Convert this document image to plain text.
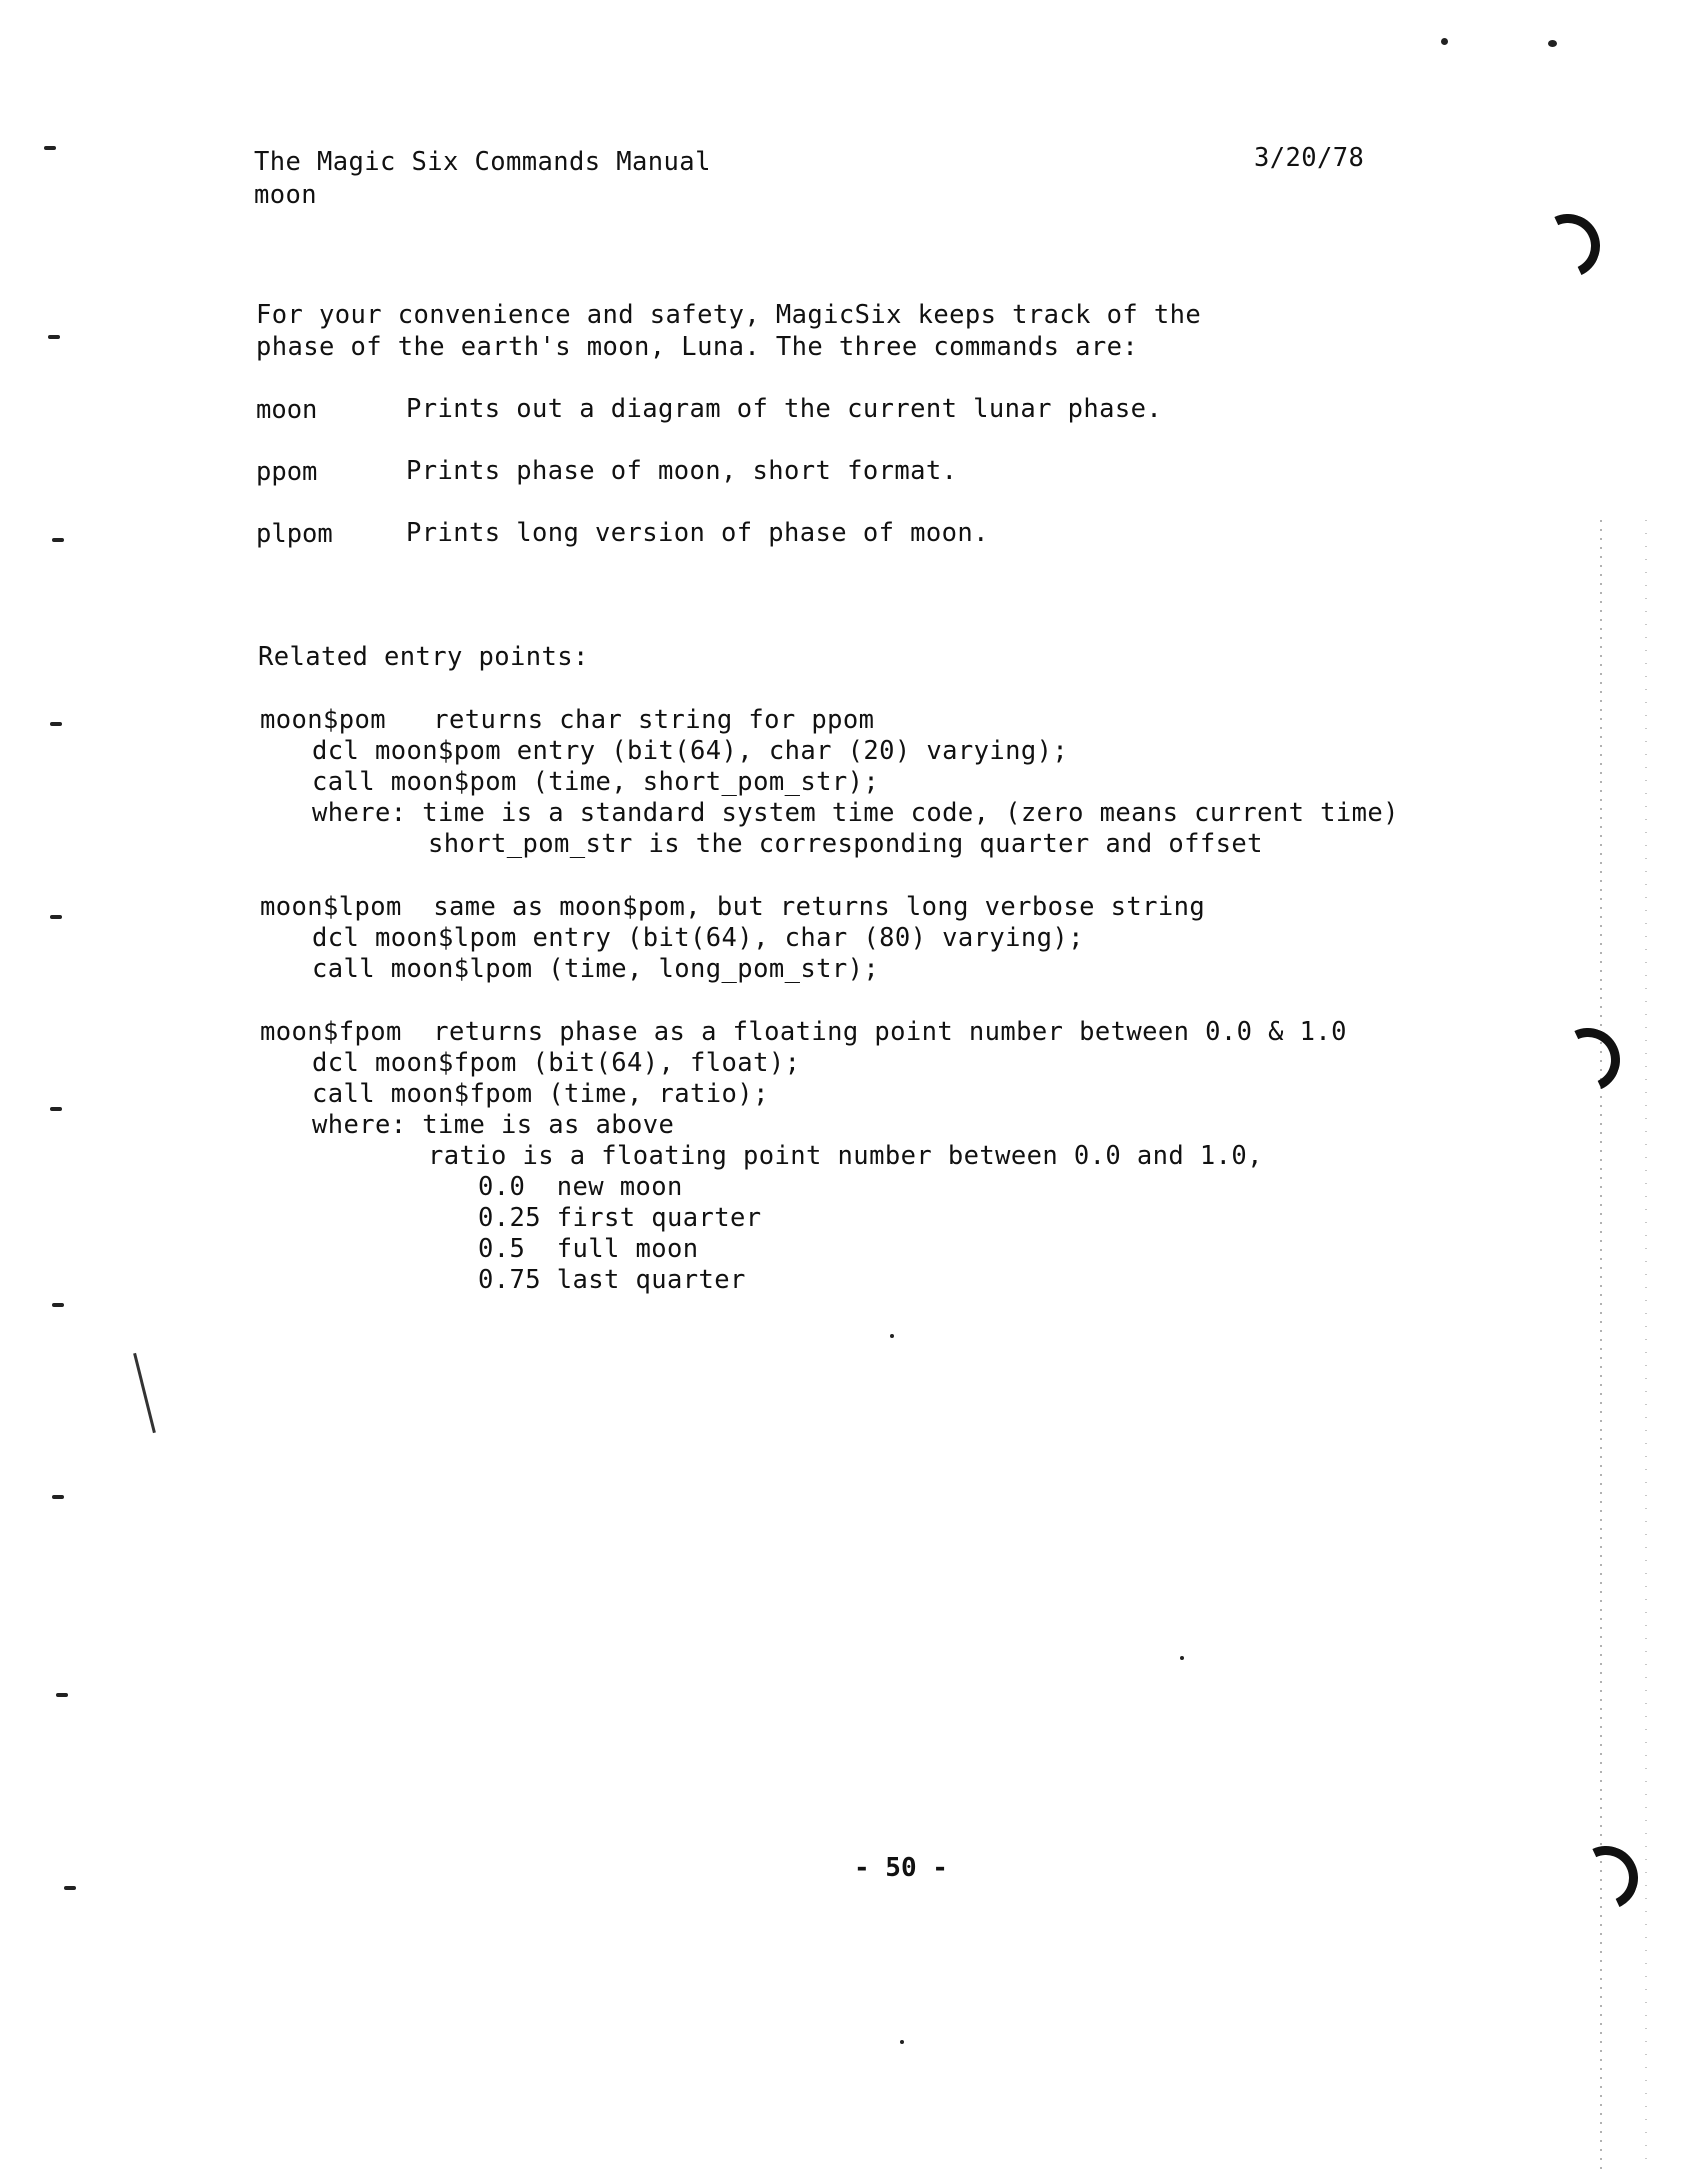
The Magic Six Commands Manual	3/20/78
moon
For your convenience and safety, MagicSix keeps track of the
phase of the earth's moon, Luna. The three commands are:
moon	Prints out a diagram of the current lunar phase.
ppom	Prints phase of moon, short format.
plpom	Prints long version of phase of moon.
Related entry points:
moon$pom   returns char string for ppom
dcl moon$pom entry (bit(64), char (20) varying);
call moon$pom (time, short_pom_str);
where: time is a standard system time code, (zero means current time)
short_pom_str is the corresponding quarter and offset
moon$lpom  same as moon$pom, but returns long verbose string
dcl moon$lpom entry (bit(64), char (80) varying);
call moon$lpom (time, long_pom_str);
moon$fpom  returns phase as a floating point number between 0.0 & 1.0
dcl moon$fpom (bit(64), float);
call moon$fpom (time, ratio);
where: time is as above
ratio is a floating point number between 0.0 and 1.0,
0.0  new moon
0.25 first quarter
0.5  full moon
0.75 last quarter
- 50 -
